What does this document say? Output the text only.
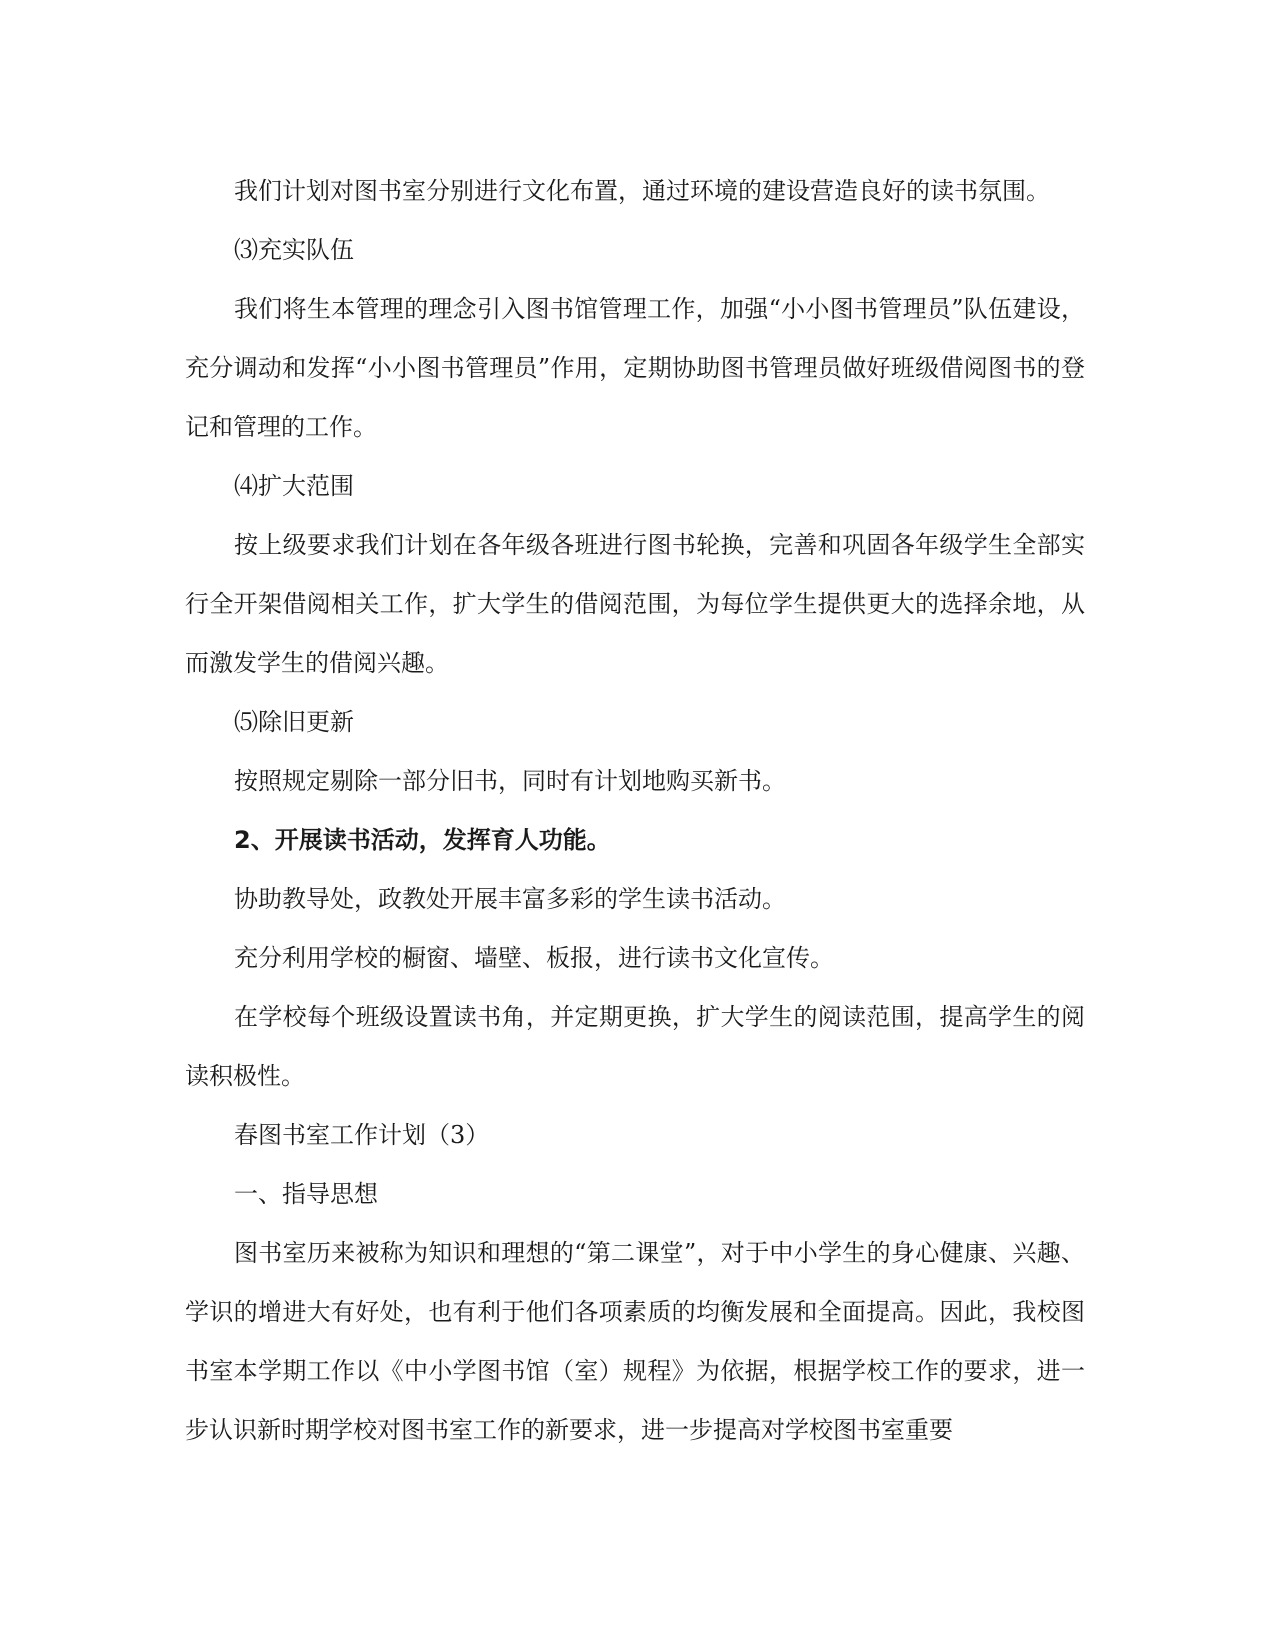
我们计划对图书室分别进行文化布置，通过环境的建设营造良好的读书氛围。

⑶充实队伍

我们将生本管理的理念引入图书馆管理工作，加强“小小图书管理员”队伍建设，充分调动和发挥“小小图书管理员”作用，定期协助图书管理员做好班级借阅图书的登记和管理的工作。

⑷扩大范围

按上级要求我们计划在各年级各班进行图书轮换，完善和巩固各年级学生全部实行全开架借阅相关工作，扩大学生的借阅范围，为每位学生提供更大的选择余地，从而激发学生的借阅兴趣。

⑸除旧更新

按照规定剔除一部分旧书，同时有计划地购买新书。

2、开展读书活动，发挥育人功能。

协助教导处，政教处开展丰富多彩的学生读书活动。

充分利用学校的橱窗、墙壁、板报，进行读书文化宣传。

在学校每个班级设置读书角，并定期更换，扩大学生的阅读范围，提高学生的阅读积极性。

春图书室工作计划（3）

一、指导思想

图书室历来被称为知识和理想的“第二课堂”，对于中小学生的身心健康、兴趣、学识的增进大有好处，也有利于他们各项素质的均衡发展和全面提高。因此，我校图书室本学期工作以《中小学图书馆（室）规程》为依据，根据学校工作的要求，进一步认识新时期学校对图书室工作的新要求，进一步提高对学校图书室重要
